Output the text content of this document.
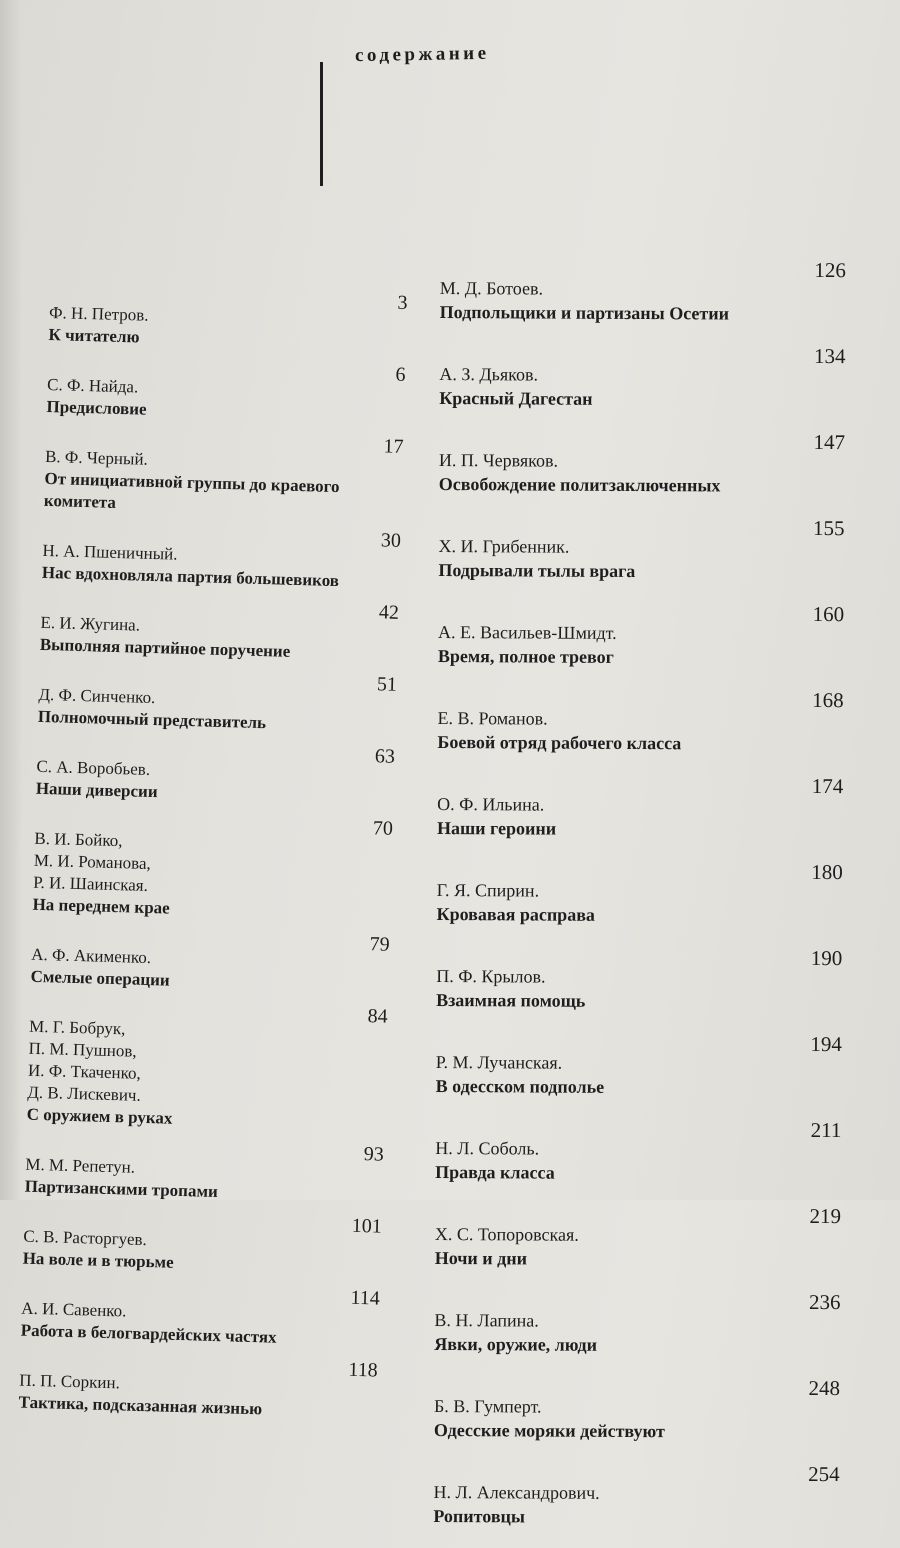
содержание
3
Ф. Н. Петров.
К читателю
6
С. Ф. Найда.
Предисловие
17
В. Ф. Черный.
От инициативной группы до краевого комитета
30
Н. А. Пшеничный.
Нас вдохновляла партия большевиков
42
Е. И. Жугина.
Выполняя партийное поручение
51
Д. Ф. Синченко.
Полномочный представитель
63
С. А. Воробьев.
Наши диверсии
70
В. И. Бойко,
М. И. Романова,
Р. И. Шаинская.
На переднем крае
79
А. Ф. Акименко.
Смелые операции
84
М. Г. Бобрук,
П. М. Пушнов,
И. Ф. Ткаченко,
Д. В. Лискевич.
С оружием в руках
93
М. М. Репетун.
Партизанскими тропами
101
С. В. Расторгуев.
На воле и в тюрьме
114
А. И. Савенко.
Работа в белогвардейских частях
118
П. П. Соркин.
Тактика, подсказанная жизнью
126
М. Д. Ботоев.
Подпольщики и партизаны Осетии
134
А. З. Дьяков.
Красный Дагестан
147
И. П. Червяков.
Освобождение политзаключенных
155
Х. И. Грибенник.
Подрывали тылы врага
160
А. Е. Васильев-Шмидт.
Время, полное тревог
168
Е. В. Романов.
Боевой отряд рабочего класса
174
О. Ф. Ильина.
Наши героини
180
Г. Я. Спирин.
Кровавая расправа
190
П. Ф. Крылов.
Взаимная помощь
194
Р. М. Лучанская.
В одесском подполье
211
Н. Л. Соболь.
Правда класса
219
Х. С. Топоровская.
Ночи и дни
236
В. Н. Лапина.
Явки, оружие, люди
248
Б. В. Гумперт.
Одесские моряки действуют
254
Н. Л. Александрович.
Ропитовцы
